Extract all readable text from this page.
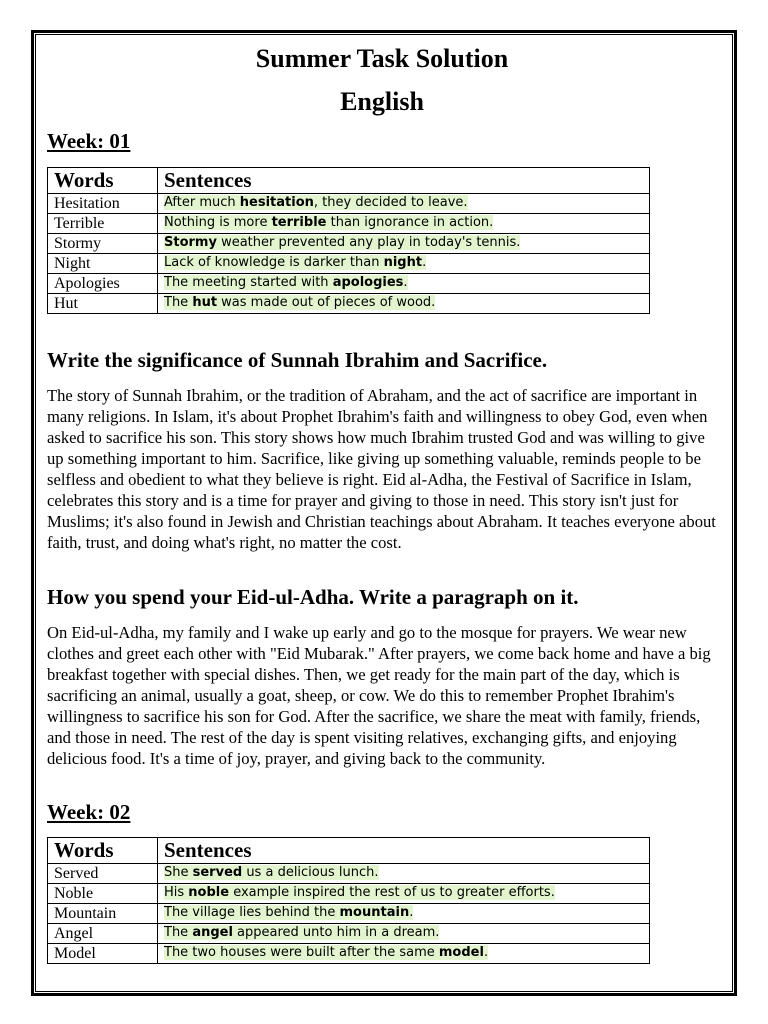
Summer Task Solution
English
Week: 01
Words	Sentences
Hesitation	After much hesitation, they decided to leave.
Terrible	Nothing is more terrible than ignorance in action.
Stormy	Stormy weather prevented any play in today's tennis.
Night	Lack of knowledge is darker than night.
Apologies	The meeting started with apologies.
Hut	The hut was made out of pieces of wood.
Write the significance of Sunnah Ibrahim and Sacrifice.

The story of Sunnah Ibrahim, or the tradition of Abraham, and the act of sacrifice are important in many religions. In Islam, it's about Prophet Ibrahim's faith and willingness to obey God, even when asked to sacrifice his son. This story shows how much Ibrahim trusted God and was willing to give up something important to him. Sacrifice, like giving up something valuable, reminds people to be selfless and obedient to what they believe is right. Eid al-Adha, the Festival of Sacrifice in Islam, celebrates this story and is a time for prayer and giving to those in need. This story isn't just for Muslims; it's also found in Jewish and Christian teachings about Abraham. It teaches everyone about faith, trust, and doing what's right, no matter the cost.

How you spend your Eid-ul-Adha. Write a paragraph on it.

On Eid-ul-Adha, my family and I wake up early and go to the mosque for prayers. We wear new clothes and greet each other with "Eid Mubarak." After prayers, we come back home and have a big breakfast together with special dishes. Then, we get ready for the main part of the day, which is sacrificing an animal, usually a goat, sheep, or cow. We do this to remember Prophet Ibrahim's willingness to sacrifice his son for God. After the sacrifice, we share the meat with family, friends, and those in need. The rest of the day is spent visiting relatives, exchanging gifts, and enjoying delicious food. It's a time of joy, prayer, and giving back to the community.

Week: 02
Words	Sentences
Served	She served us a delicious lunch.
Noble	His noble example inspired the rest of us to greater efforts.
Mountain	The village lies behind the mountain.
Angel	The angel appeared unto him in a dream.
Model	The two houses were built after the same model.
